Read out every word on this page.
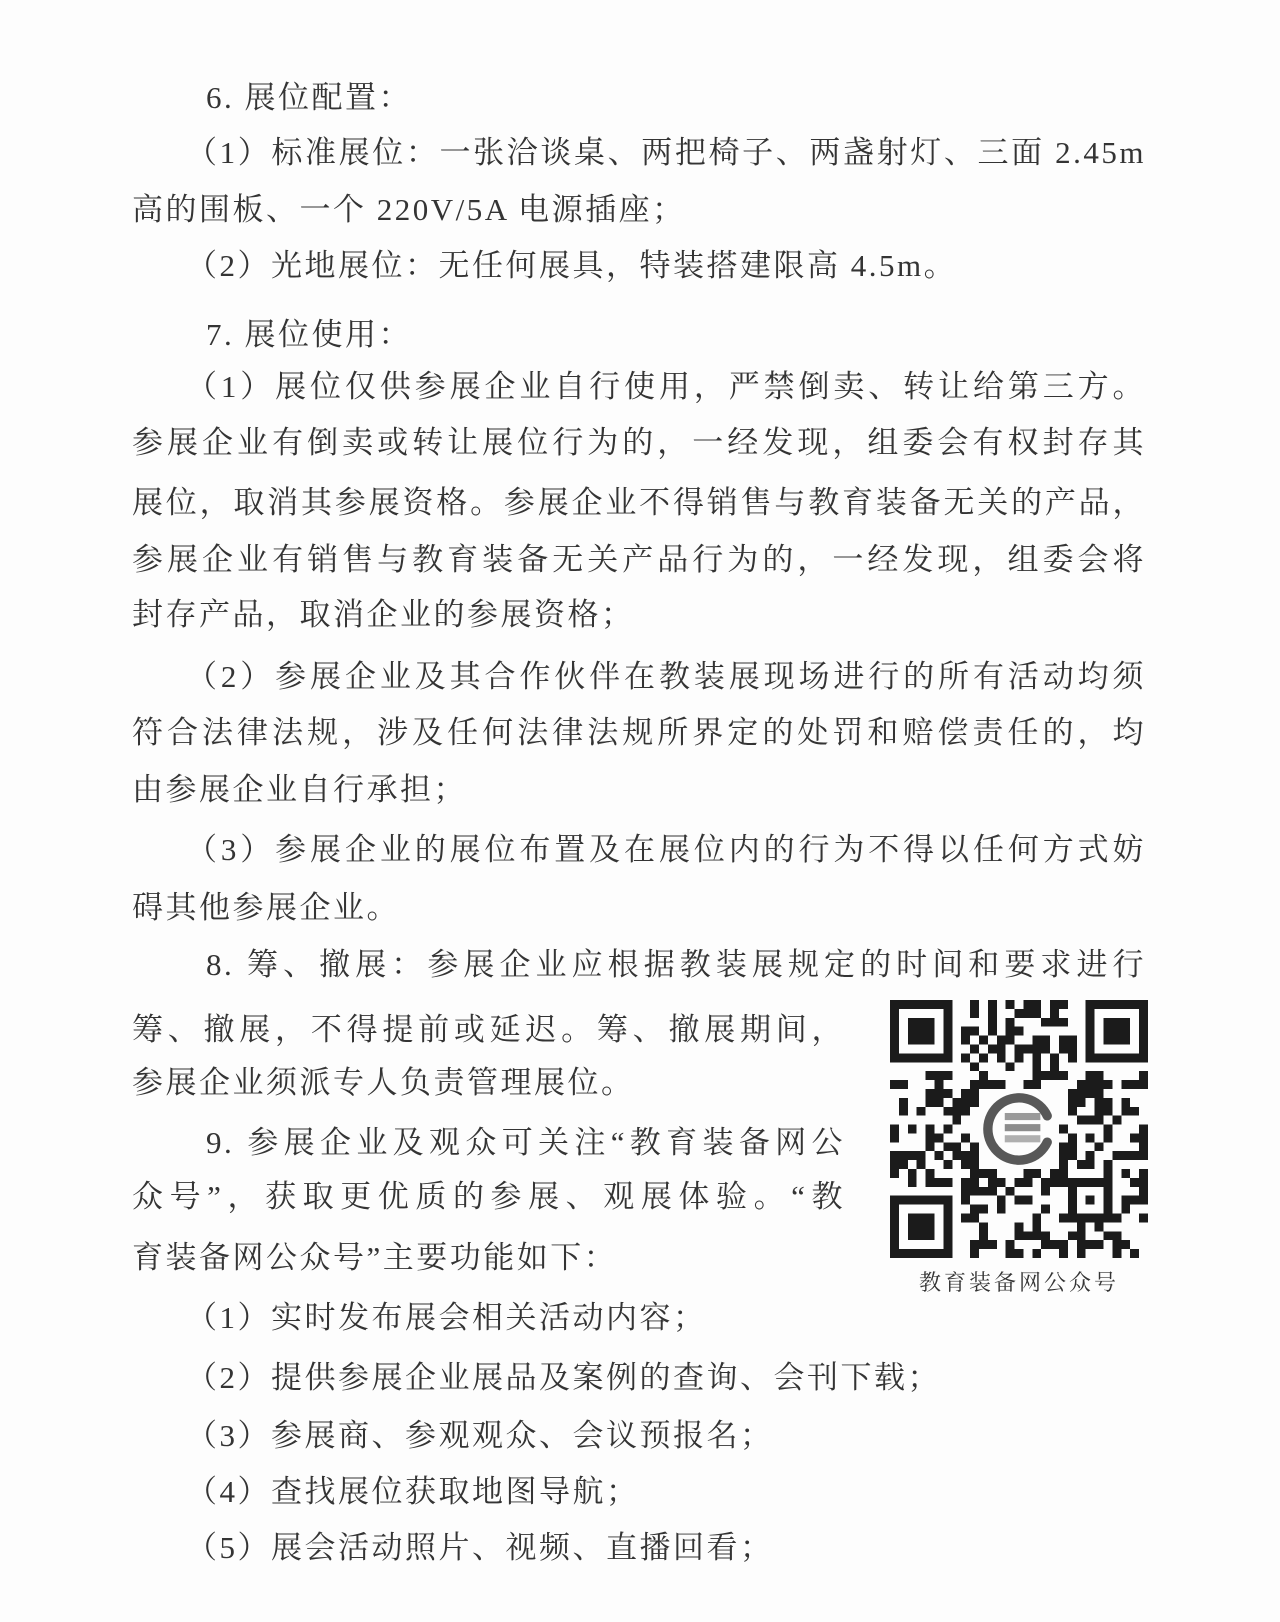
6. 展位配置：
（1）标准展位：一张洽谈桌、两把椅子、两盏射灯、三面 2.45m
高的围板、一个 220V/5A 电源插座；
（2）光地展位：无任何展具，特装搭建限高 4.5m。
7. 展位使用：
（1）展位仅供参展企业自行使用，严禁倒卖、转让给第三方。
参展企业有倒卖或转让展位行为的，一经发现，组委会有权封存其
展位，取消其参展资格。参展企业不得销售与教育装备无关的产品，
参展企业有销售与教育装备无关产品行为的，一经发现，组委会将
封存产品，取消企业的参展资格；
（2）参展企业及其合作伙伴在教装展现场进行的所有活动均须
符合法律法规，涉及任何法律法规所界定的处罚和赔偿责任的，均
由参展企业自行承担；
（3）参展企业的展位布置及在展位内的行为不得以任何方式妨
碍其他参展企业。
8. 筹、撤展：参展企业应根据教装展规定的时间和要求进行
筹、撤展，不得提前或延迟。筹、撤展期间，
参展企业须派专人负责管理展位。
9. 参展企业及观众可关注“教育装备网公
众号”，获取更优质的参展、观展体验。“教
育装备网公众号”主要功能如下：
（1）实时发布展会相关活动内容；
（2）提供参展企业展品及案例的查询、会刊下载；
（3）参展商、参观观众、会议预报名；
（4）查找展位获取地图导航；
（5）展会活动照片、视频、直播回看；
教育装备网公众号
